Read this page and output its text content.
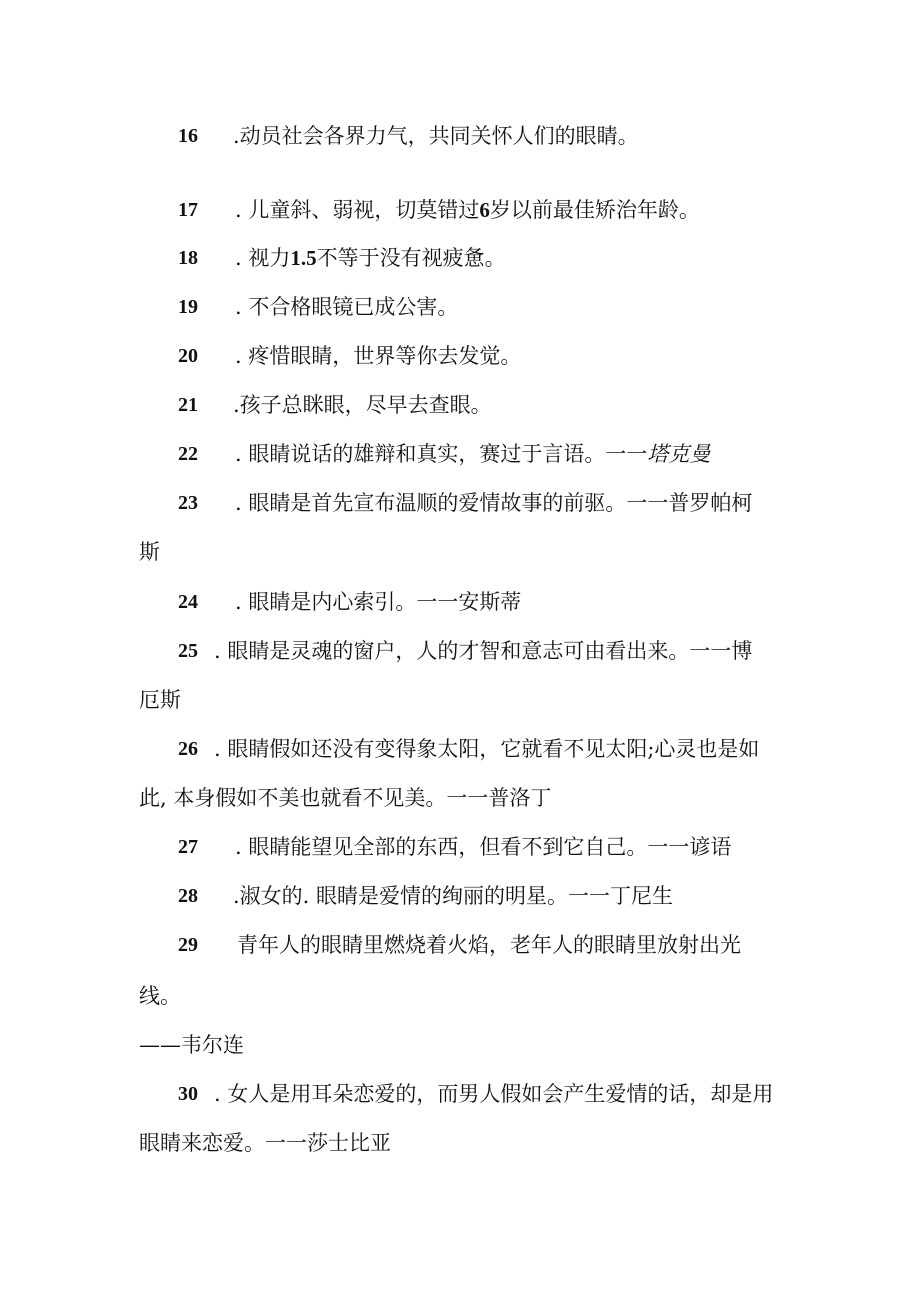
16 .动员社会各界力气，共同关怀人们的眼睛。
17 . 儿童斜、弱视，切莫错过6岁以前最佳矫治年龄。
18 . 视力1.5不等于没有视疲惫。
19 . 不合格眼镜已成公害。
20 . 疼惜眼睛，世界等你去发觉。
21 .孩子总眯眼，尽早去查眼。
22 . 眼睛说话的雄辩和真实，赛过于言语。一一塔克曼
23 . 眼睛是首先宣布温顺的爱情故事的前驱。一一普罗帕柯
斯
24 . 眼睛是内心索引。一一安斯蒂
25 . 眼睛是灵魂的窗户，人的才智和意志可由看出来。一一博
厄斯
26 . 眼睛假如还没有变得象太阳，它就看不见太阳;心灵也是如
此, 本身假如不美也就看不见美。一一普洛丁
27 . 眼睛能望见全部的东西，但看不到它自己。一一谚语
28 .淑女的. 眼睛是爱情的绚丽的明星。一一丁尼生
29 青年人的眼睛里燃烧着火焰，老年人的眼睛里放射出光
线。
——韦尔连
30 . 女人是用耳朵恋爱的，而男人假如会产生爱情的话，却是用
眼睛来恋爱。一一莎士比亚
